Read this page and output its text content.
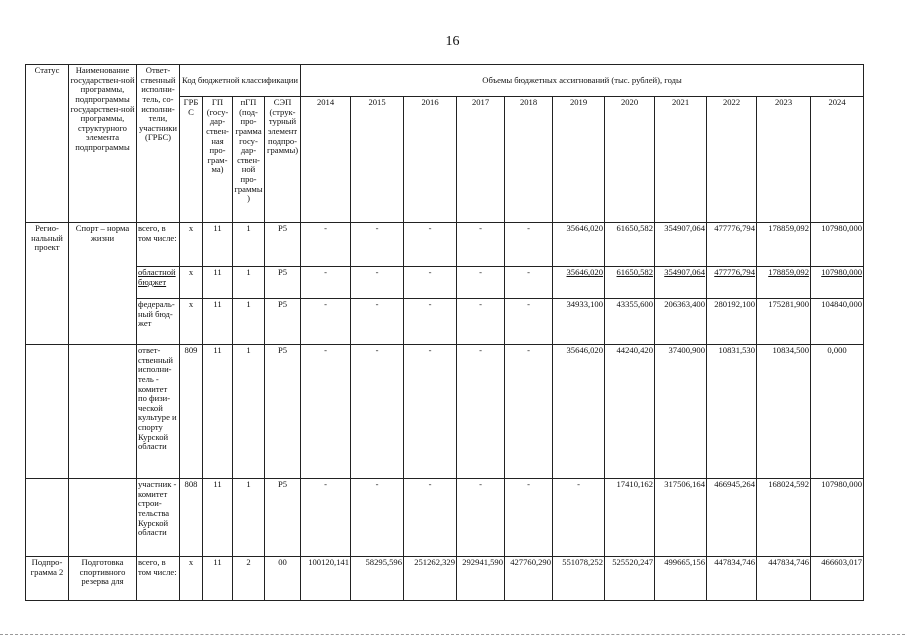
16
Статус	Наименование государствен-ной программы, подпрограммы государствен-ной программы, структурного элемента подпрограммы	Ответ-ственный исполни-тель, со-исполни-тели, участники (ГРБС)	Код бюджетной классификации				Объемы бюджетных ассигнований (тыс. рублей), годы										
			ГРБ С	ГП (госу-дар-ствен-ная про-грам-ма)	пГП (под-про-грамма госу-дар-ствен-ной про-граммы)	СЭП (струк-турный элемент подпро-граммы)	2014	2015	2016	2017	2018	2019	2020	2021	2022	2023	2024
Регио-нальный проект	Спорт – норма жизни	всего, в том числе:	х	11	1	Р5	-	-	-	-	-	35646,020	61650,582	354907,064	477776,794	178859,092	107980,000
		областной бюджет	х	11	1	Р5	-	-	-	-	-	35646,020	61650,582	354907,064	477776,794	178859,092	107980,000
		федераль-ный бюд-жет	х	11	1	Р5	-	-	-	-	-	34933,100	43355,600	206363,400	280192,100	175281,900	104840,000
		ответ-ственный исполни-тель - комитет по физи-ческой культуре и спорту Курской области	809	11	1	Р5	-	-	-	-	-	35646,020	44240,420	37400,900	10831,530	10834,500	0,000
		участник - комитет строи-тельства Курской области	808	11	1	Р5	-	-	-	-	-	-	17410,162	317506,164	466945,264	168024,592	107980,000
Подпро-грамма 2	Подготовка спортивного резерва для	всего, в том числе:	х	11	2	00	100120,141	58295,596	251262,329	292941,590	427760,290	551078,252	525520,247	499665,156	447834,746	447834,746	466603,017
